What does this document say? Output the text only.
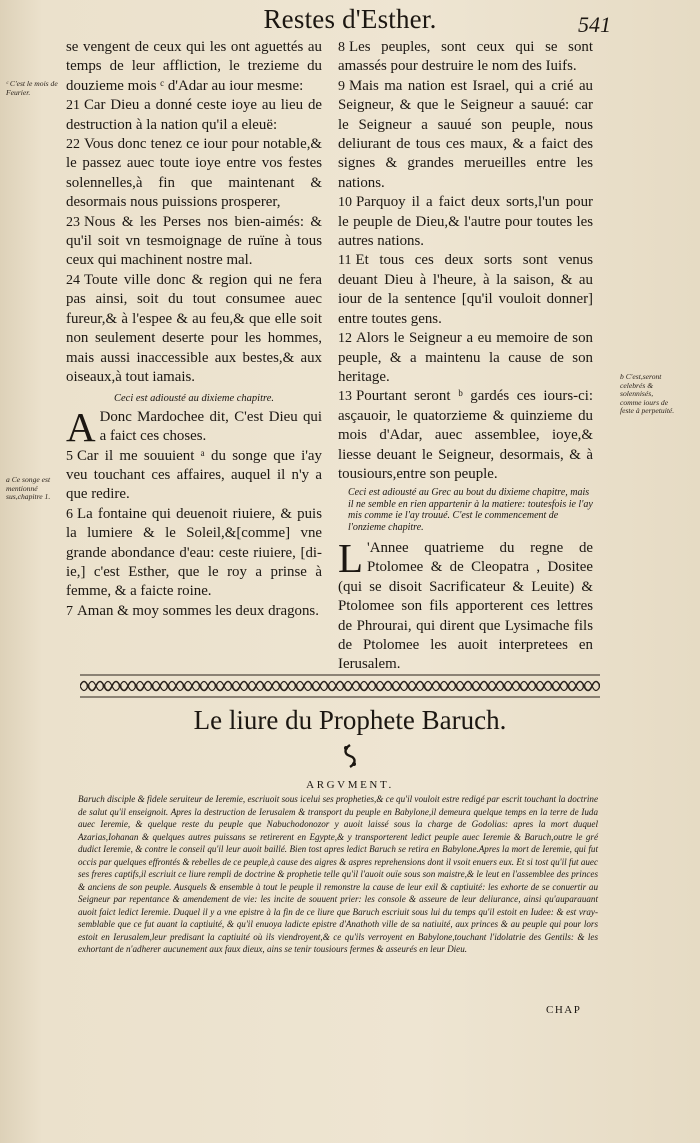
Restes d'Esther.	541
ᶜ C'est le mois de Feurier.
a Ce songe est mentionné sus,chapitre 1.
b C'est,seront celebrés & solennisés, comme iours de feste à perpetuité.

se vengent de ceux qui les ont aguettés au temps de leur affliction, le trezieme du douzieme mois ᶜ d'Adar au iour mesme:

21 Car Dieu a donné ceste ioye au lieu de destruction à la nation qu'il a eleuë:

22 Vous donc tenez ce iour pour notable,& le passez auec toute ioye entre vos festes solennelles,à fin que maintenant & desormais nous puissions prosperer,

23 Nous & les Perses nos bien-aimés: & qu'il soit vn tesmoignage de ruïne à tous ceux qui machinent nostre mal.

24 Toute ville donc & region qui ne fera pas ainsi, soit du tout consumee auec fureur,& à l'espee & au feu,& que elle soit non seulement deserte pour les hommes, mais aussi inaccessible aux bestes,& aux oiseaux,à tout iamais.

Ceci est adiousté au dixieme chapitre.

A Donc Mardochee dit, C'est Dieu qui a faict ces choses.

5 Car il me souuient ᵃ du songe que i'ay veu touchant ces affaires, auquel il n'y a que redire.

6 La fontaine qui deuenoit riuiere, & puis la lumiere & le Soleil,&[comme] vne grande abondance d'eau: ceste riuiere, [di-ie,] c'est Esther, que le roy a prinse à femme, & a faicte roine.

7 Aman & moy sommes les deux dragons.

8 Les peuples, sont ceux qui se sont amassés pour destruire le nom des Iuifs.

9 Mais ma nation est Israel, qui a crié au Seigneur, & que le Seigneur a sauué: car le Seigneur a sauué son peuple, nous deliurant de tous ces maux, & a faict des signes & grandes merueilles entre les nations.

10 Parquoy il a faict deux sorts,l'un pour le peuple de Dieu,& l'autre pour toutes les autres nations.

11 Et tous ces deux sorts sont venus deuant Dieu à l'heure, à la saison, & au iour de la sentence [qu'il vouloit donner] entre toutes gens.

12 Alors le Seigneur a eu memoire de son peuple, & a maintenu la cause de son heritage.

13 Pourtant seront ᵇ gardés ces iours-ci: asçauoir, le quatorzieme & quinzieme du mois d'Adar, auec assemblee, ioye,& liesse deuant le Seigneur, desormais, & à tousiours,entre son peuple.

Ceci est adiousté au Grec au bout du dixieme chapitre, mais il ne semble en rien appartenir à la matiere: toutesfois ie l'ay mis comme ie l'ay trouué. C'est le commencement de l'onzieme chapitre.

L 'Annee quatrieme du regne de Ptolomee & de Cleopatra , Dositee (qui se disoit Sacrificateur & Leuite) & Ptolomee son fils apporterent ces lettres de Phrourai, qui dirent que Lysimache fils de Ptolomee les auoit interpretees en Ierusalem.

Le liure du Prophete Baruch.
ARGVMENT.

Baruch disciple & fidele seruiteur de Ieremie, escriuoit sous icelui ses propheties,& ce qu'il vouloit estre redigé par escrit touchant la doctrine de salut qu'il enseignoit. Apres la destruction de Ierusalem & transport du peuple en Babylone,il demeura quelque temps en la terre de Iuda auec Ieremie, & quelque reste du peuple que Nabuchodonozor y auoit laissé sous la charge de Godolias: apres la mort duquel Azarias,Iohanan & quelques autres puissans se retirerent en Egypte,& y transporterent ledict peuple auec Ieremie & Baruch,outre le gré dudict Ieremie, & contre le conseil qu'il leur auoit baillé. Bien tost apres ledict Baruch se retira en Babylone.Apres la mort de Ieremie, qui fut occis par quelques effrontés & rebelles de ce peuple,à cause des aigres & aspres reprehensions dont il vsoit enuers eux. Et si tost qu'il fut auec ses freres captifs,il escriuit ce liure rempli de doctrine & prophetie telle qu'il l'auoit ouïe sous son maistre,& le leut en l'assemblee des princes & anciens de son peuple. Ausquels & ensemble à tout le peuple il remonstre la cause de leur exil & captiuité: les exhorte de se conuertir au Seigneur par repentance & amendement de vie: les incite de souuent prier: les console & asseure de leur deliurance, ainsi qu'auparauant auoit faict ledict Ieremie. Duquel il y a vne epistre à la fin de ce liure que Baruch escriuit sous lui du temps qu'il estoit en Iudee: & est vray-semblable que ce fut auant la captiuité, & qu'il enuoya ladicte epistre d'Anathoth ville de sa natiuité, aux princes & au peuple qui pour lors estoit en Ierusalem,leur predisant la captiuité où ils viendroyent,& ce qu'ils verroyent en Babylone,touchant l'idolatrie des Gentils: & les exhortant de n'adherer aucunement aux faux dieux, ains se tenir tousiours fermes & asseurés en leur Dieu.

CHAP
